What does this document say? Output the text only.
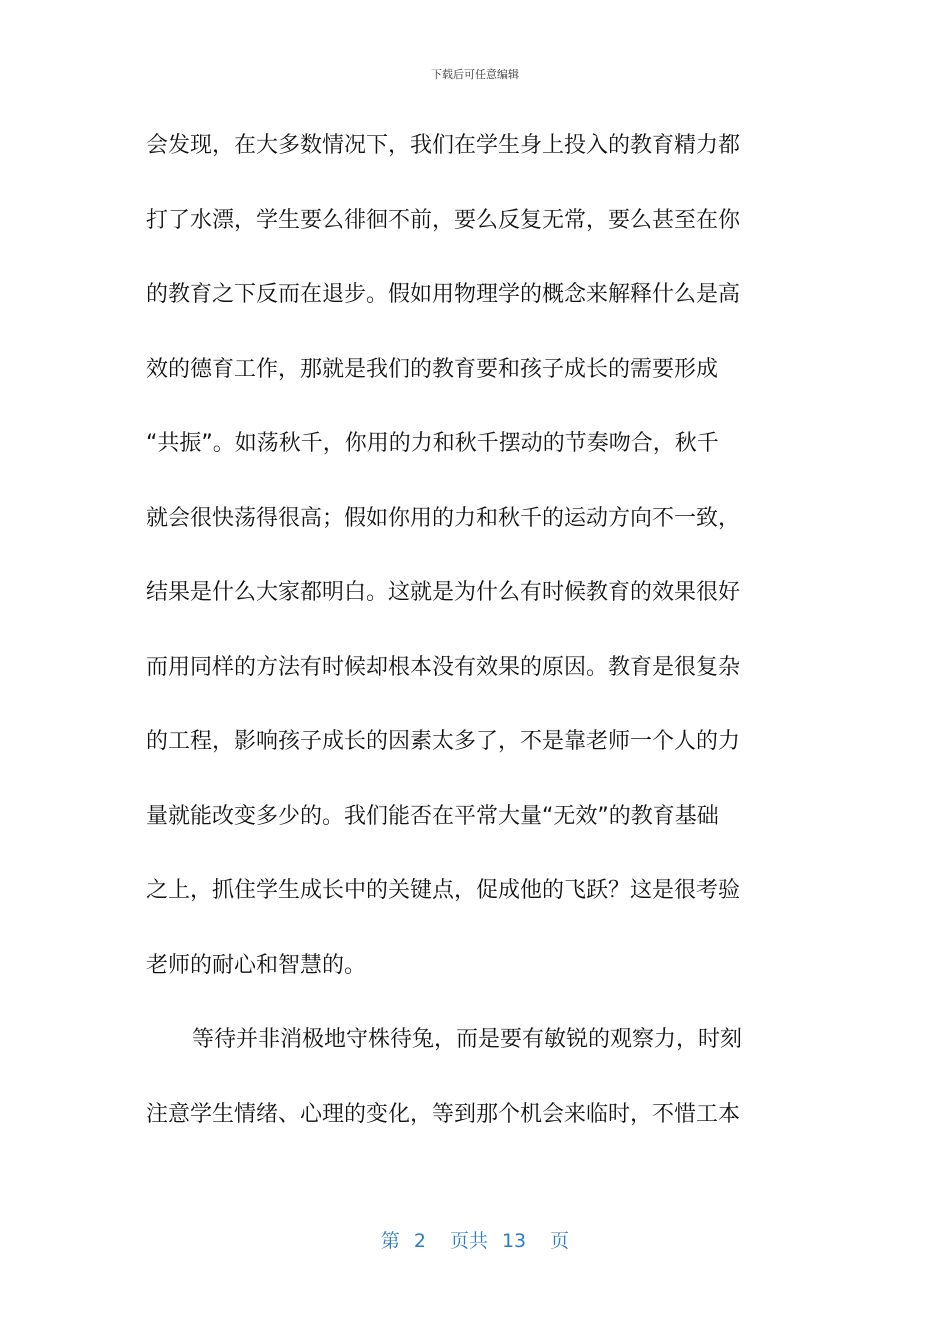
下载后可任意编辑
会发现，在大多数情况下，我们在学生身上投入的教育精力都
打了水漂，学生要么徘徊不前，要么反复无常，要么甚至在你
的教育之下反而在退步。假如用物理学的概念来解释什么是高
效的德育工作，那就是我们的教育要和孩子成长的需要形成
“共振”。如荡秋千，你用的力和秋千摆动的节奏吻合，秋千
就会很快荡得很高；假如你用的力和秋千的运动方向不一致，
结果是什么大家都明白。这就是为什么有时候教育的效果很好
而用同样的方法有时候却根本没有效果的原因。教育是很复杂
的工程，影响孩子成长的因素太多了，不是靠老师一个人的力
量就能改变多少的。我们能否在平常大量“无效”的教育基础
之上，抓住学生成长中的关键点，促成他的飞跃？这是很考验
老师的耐心和智慧的。
等待并非消极地守株待兔，而是要有敏锐的观察力，时刻
注意学生情绪、心理的变化，等到那个机会来临时，不惜工本
第 2 页共 13 页
